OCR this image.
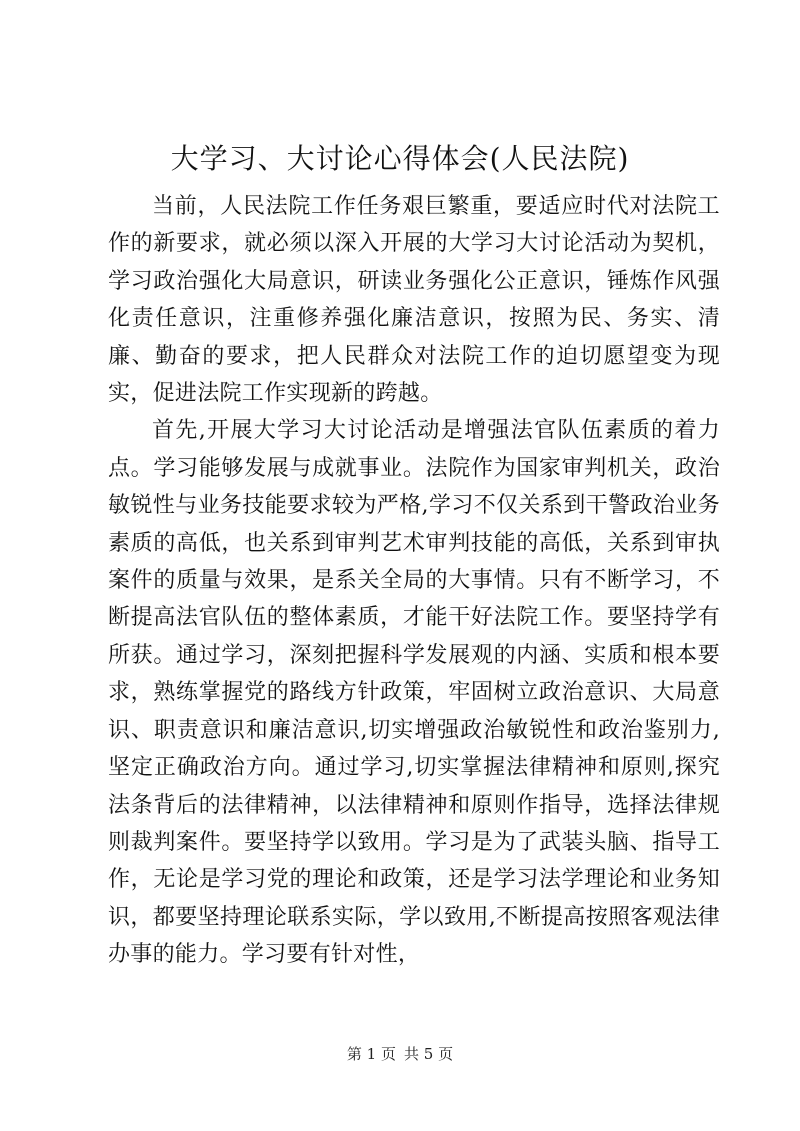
大学习、大讨论心得体会(人民法院)

当前，人民法院工作任务艰巨繁重，要适应时代对法院工作的新要求，就必须以深入开展的大学习大讨论活动为契机，学习政治强化大局意识，研读业务强化公正意识，锤炼作风强化责任意识，注重修养强化廉洁意识，按照为民、务实、清廉、勤奋的要求，把人民群众对法院工作的迫切愿望变为现实，促进法院工作实现新的跨越。

首先,开展大学习大讨论活动是增强法官队伍素质的着力点。学习能够发展与成就事业。法院作为国家审判机关，政治敏锐性与业务技能要求较为严格,学习不仅关系到干警政治业务素质的高低，也关系到审判艺术审判技能的高低，关系到审执案件的质量与效果，是系关全局的大事情。只有不断学习，不断提高法官队伍的整体素质，才能干好法院工作。要坚持学有所获。通过学习，深刻把握科学发展观的内涵、实质和根本要求，熟练掌握党的路线方针政策，牢固树立政治意识、大局意识、职责意识和廉洁意识,切实增强政治敏锐性和政治鉴别力,坚定正确政治方向。通过学习,切实掌握法律精神和原则,探究法条背后的法律精神，以法律精神和原则作指导，选择法律规则裁判案件。要坚持学以致用。学习是为了武装头脑、指导工作，无论是学习党的理论和政策，还是学习法学理论和业务知识，都要坚持理论联系实际，学以致用,不断提高按照客观法律办事的能力。学习要有针对性，

第 1 页 共 5 页
